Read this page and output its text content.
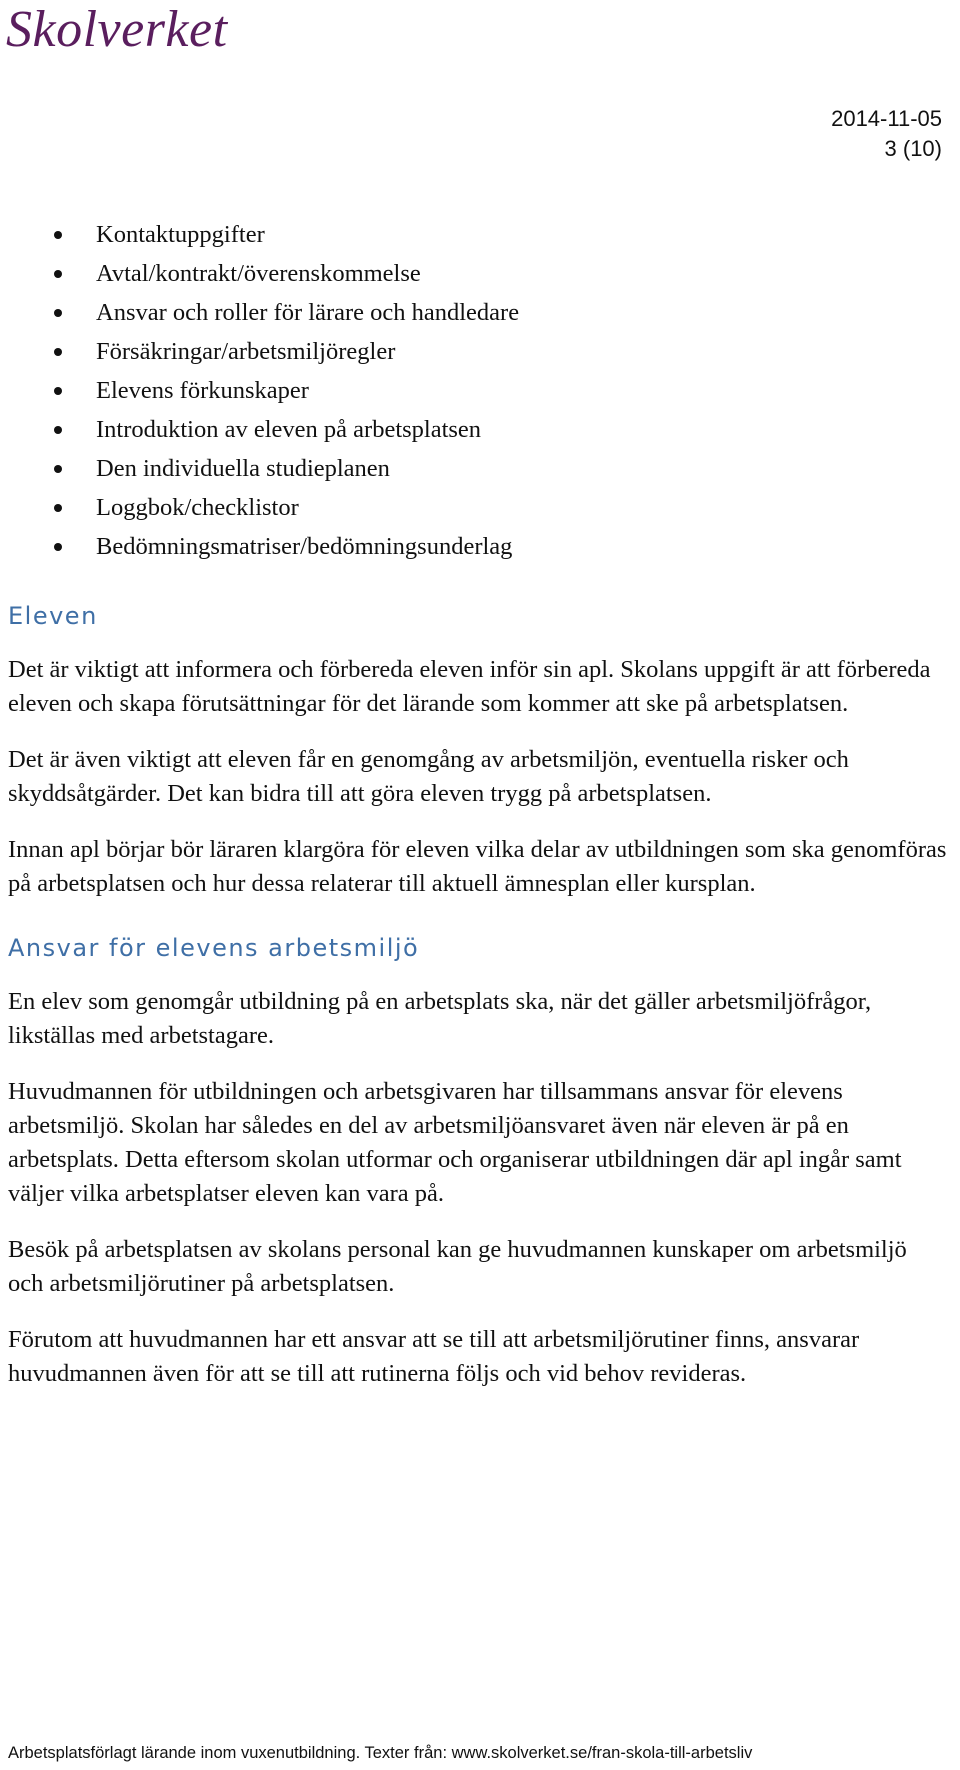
Skolverket
2014-11-05
3 (10)
Kontaktuppgifter
Avtal/kontrakt/överenskommelse
Ansvar och roller för lärare och handledare
Försäkringar/arbetsmiljöregler
Elevens förkunskaper
Introduktion av eleven på arbetsplatsen
Den individuella studieplanen
Loggbok/checklistor
Bedömningsmatriser/bedömningsunderlag
Eleven

Det är viktigt att informera och förbereda eleven inför sin apl. Skolans uppgift är att förbereda eleven och skapa förutsättningar för det lärande som kommer att ske på arbetsplatsen.

Det är även viktigt att eleven får en genomgång av arbetsmiljön, eventuella risker och skyddsåtgärder. Det kan bidra till att göra eleven trygg på arbetsplatsen.

Innan apl börjar bör läraren klargöra för eleven vilka delar av utbildningen som ska genomföras på arbetsplatsen och hur dessa relaterar till aktuell ämnesplan eller kursplan.

Ansvar för elevens arbetsmiljö

En elev som genomgår utbildning på en arbetsplats ska, när det gäller arbetsmiljöfrågor, likställas med arbetstagare.

Huvudmannen för utbildningen och arbetsgivaren har tillsammans ansvar för elevens arbetsmiljö. Skolan har således en del av arbetsmiljöansvaret även när eleven är på en arbetsplats. Detta eftersom skolan utformar och organiserar utbildningen där apl ingår samt väljer vilka arbetsplatser eleven kan vara på.

Besök på arbetsplatsen av skolans personal kan ge huvudmannen kunskaper om arbetsmiljö och arbetsmiljörutiner på arbetsplatsen.

Förutom att huvudmannen har ett ansvar att se till att arbetsmiljörutiner finns, ansvarar huvudmannen även för att se till att rutinerna följs och vid behov revideras.

Arbetsplatsförlagt lärande inom vuxenutbildning. Texter från: www.skolverket.se/fran-skola-till-arbetsliv
